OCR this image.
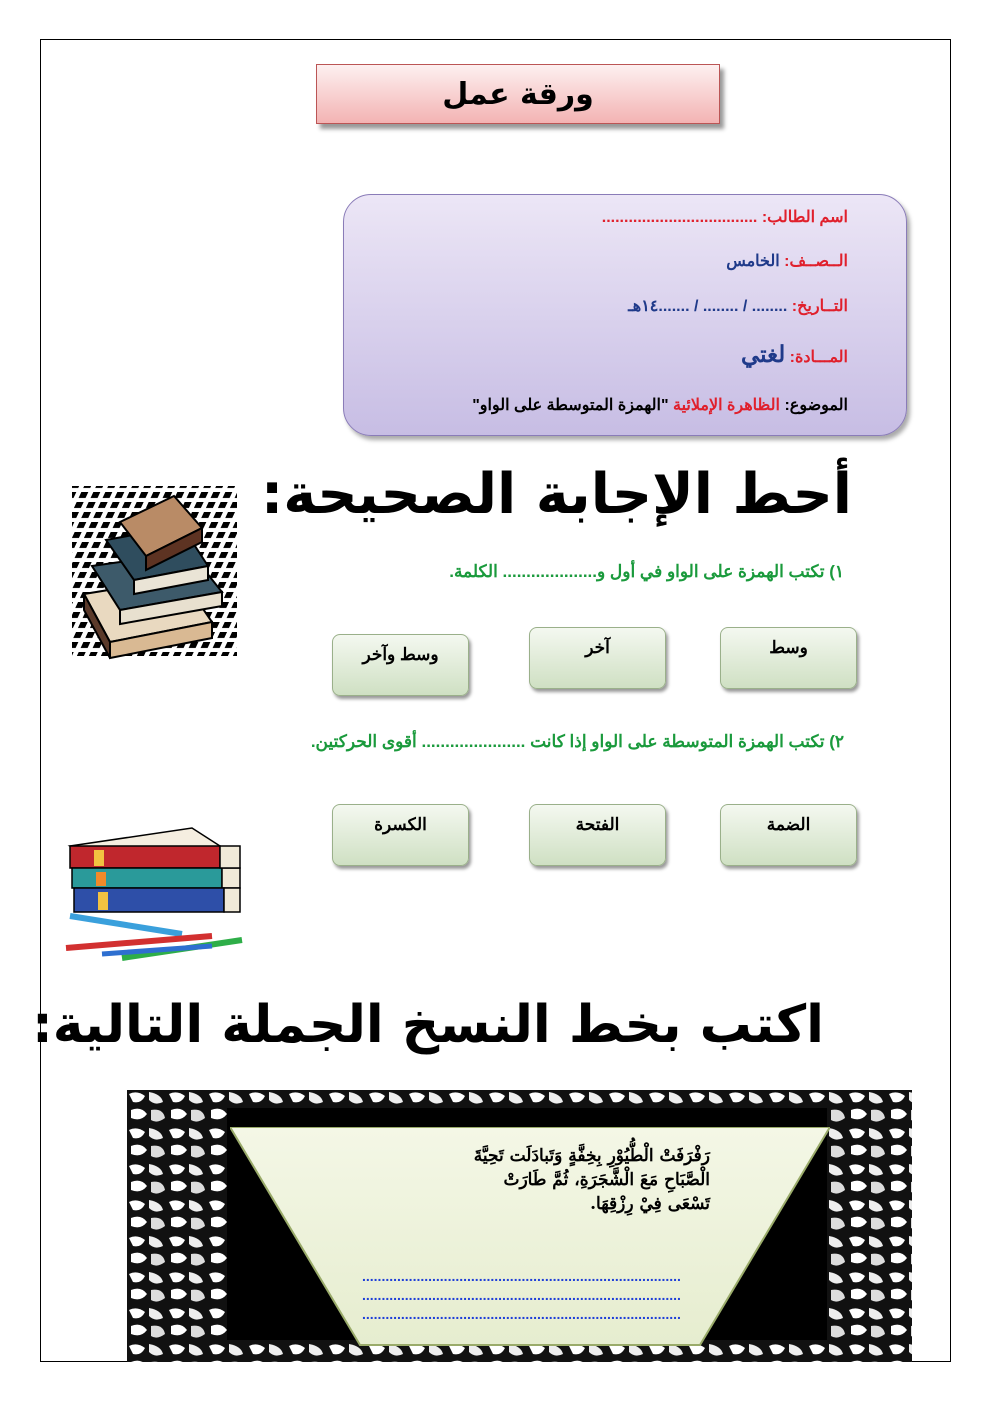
ورقة عمل
اسم الطالب: ...................................
الــصــف: الخامس
التــاريخ: ........ / ........ / .......١٤هـ
المـــادة: لغتي
الموضوع: الظاهرة الإملائية "الهمزة المتوسطة على الواو"
أحط الإجابة الصحيحة:
١) تكتب الهمزة على الواو في أول و.................... الكلمة.
وسط
آخر
وسط وآخر
٢) تكتب الهمزة المتوسطة على الواو إذا كانت ...................... أقوى الحركتين.
الضمة
الفتحة
الكسرة
اكتب بخط النسخ الجملة التالية:
رَفْرَفَتْ الْطُّيُوْرِ بِخِفَّةٍ وَتَبادَلَت تَحِيَّةَ الْصَّبَاحِ مَعَ الْشَّجَرَةِ، ثُمَّ طَارَتْ تَسْعَى فِيْ رِزْقِهَا.
..................................................................................
..................................................................................
..................................................................................
